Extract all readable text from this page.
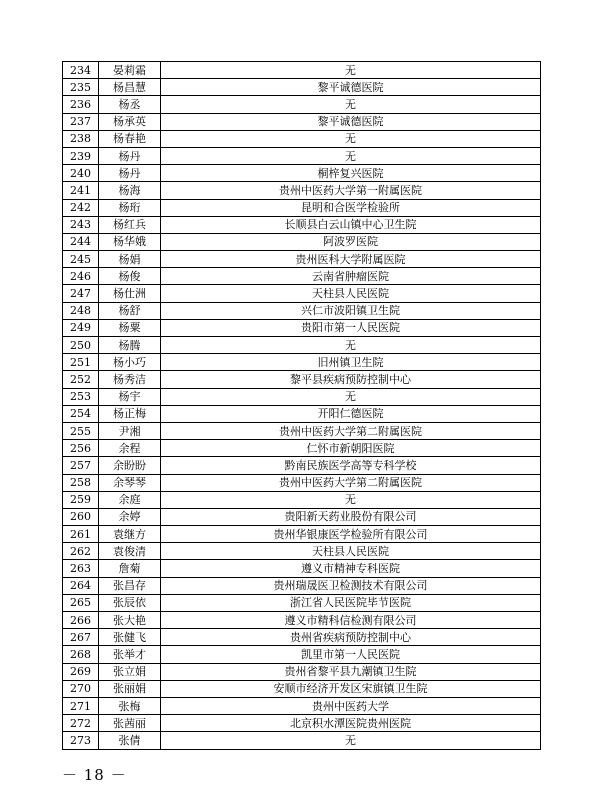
234	晏莉霜	无
235	杨昌慧	黎平诚德医院
236	杨丞	无
237	杨承英	黎平诚德医院
238	杨春艳	无
239	杨丹	无
240	杨丹	桐梓复兴医院
241	杨海	贵州中医药大学第一附属医院
242	杨珩	昆明和合医学检验所
243	杨红兵	长顺县白云山镇中心卫生院
244	杨华娥	阿波罗医院
245	杨娟	贵州医科大学附属医院
246	杨俊	云南省肿瘤医院
247	杨仕洲	天柱县人民医院
248	杨舒	兴仁市波阳镇卫生院
249	杨粟	贵阳市第一人民医院
250	杨腾	无
251	杨小巧	旧州镇卫生院
252	杨秀洁	黎平县疾病预防控制中心
253	杨宇	无
254	杨正梅	开阳仁德医院
255	尹湘	贵州中医药大学第二附属医院
256	余程	仁怀市新朝阳医院
257	余盼盼	黔南民族医学高等专科学校
258	余琴琴	贵州中医药大学第二附属医院
259	余庭	无
260	余婷	贵阳新天药业股份有限公司
261	袁继方	贵州华银康医学检验所有限公司
262	袁俊清	天柱县人民医院
263	詹菊	遵义市精神专科医院
264	张昌存	贵州瑞晟医卫检测技术有限公司
265	张辰依	浙江省人民医院毕节医院
266	张大艳	遵义市精科信检测有限公司
267	张健飞	贵州省疾病预防控制中心
268	张举才	凯里市第一人民医院
269	张立娟	贵州省黎平县九潮镇卫生院
270	张丽娟	安顺市经济开发区宋旗镇卫生院
271	张梅	贵州中医药大学
272	张茜丽	北京积水潭医院贵州医院
273	张倩	无
－ 18 －
